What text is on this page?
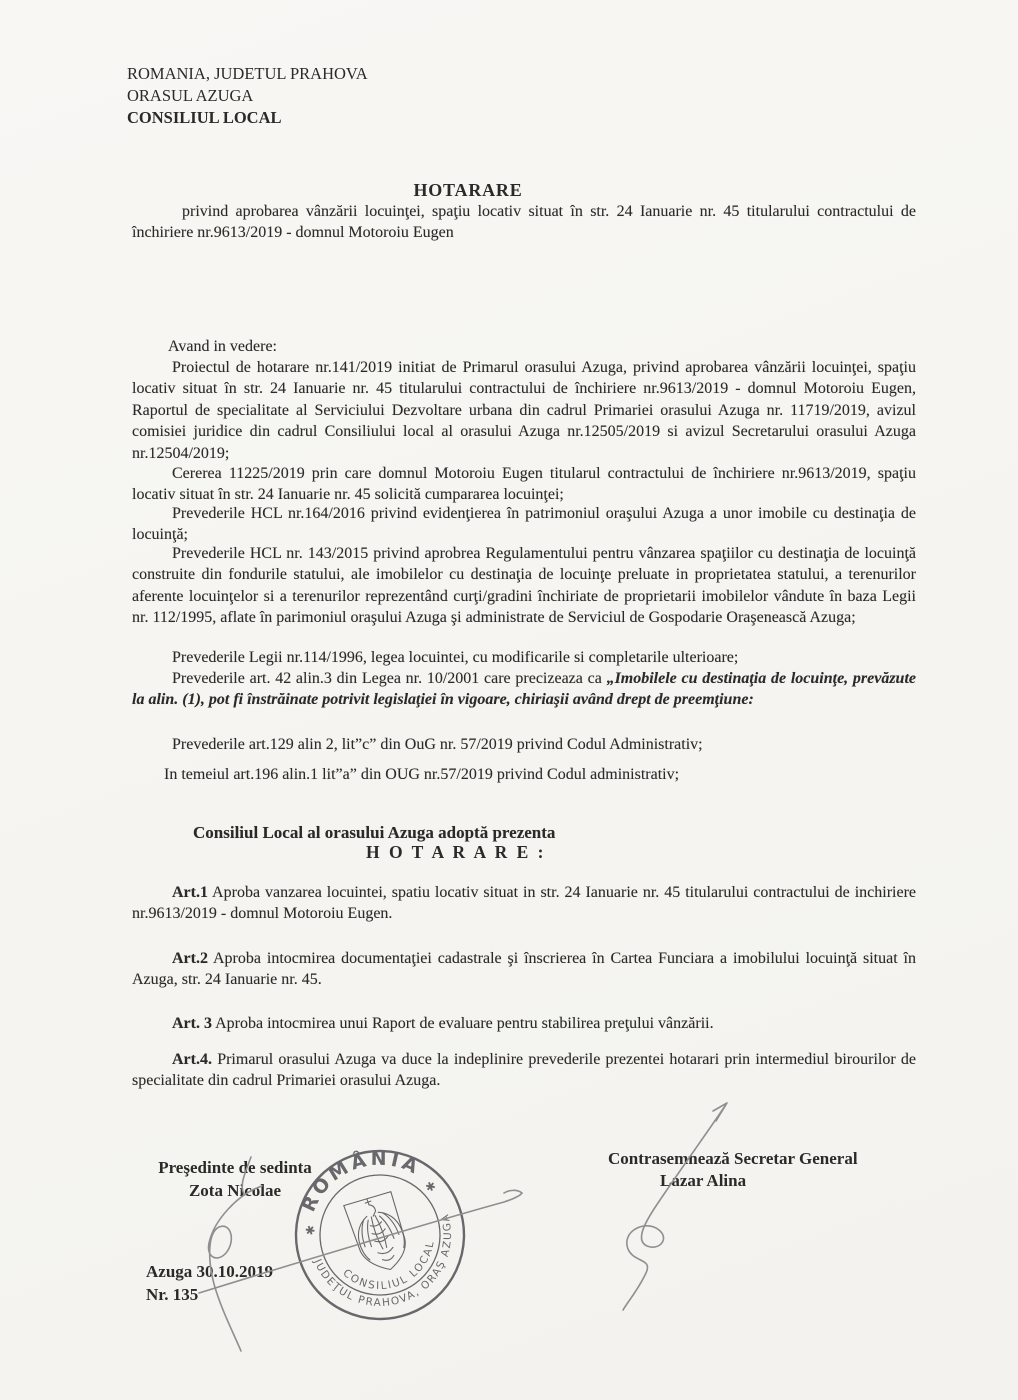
ROMANIA, JUDETUL PRAHOVA
ORASUL AZUGA
CONSILIUL LOCAL
HOTARARE

privind aprobarea vânzării locuinţei, spaţiu locativ situat în str. 24 Ianuarie nr. 45 titularului contractului de închiriere nr.9613/2019 - domnul Motoroiu Eugen

Avand in vedere:

Proiectul de hotarare nr.141/2019 initiat de Primarul orasului Azuga, privind aprobarea vânzării locuinţei, spaţiu locativ situat în str. 24 Ianuarie nr. 45 titularului contractului de închiriere nr.9613/2019 - domnul Motoroiu Eugen, Raportul de specialitate al Serviciului Dezvoltare urbana din cadrul Primariei orasului Azuga nr. 11719/2019, avizul comisiei juridice din cadrul Consiliului local al orasului Azuga nr.12505/2019 si avizul Secretarului orasului Azuga nr.12504/2019;

Cererea 11225/2019 prin care domnul Motoroiu Eugen titularul contractului de închiriere nr.9613/2019, spaţiu locativ situat în str. 24 Ianuarie nr. 45 solicită cumpararea locuinţei;

Prevederile HCL nr.164/2016 privind evidenţierea în patrimoniul oraşului Azuga a unor imobile cu destinaţia de locuinţă;

Prevederile HCL nr. 143/2015 privind aprobrea Regulamentului pentru vânzarea spaţiilor cu destinaţia de locuinţă construite din fondurile statului, ale imobilelor cu destinaţia de locuinţe preluate in proprietatea statului, a terenurilor aferente locuinţelor si a terenurilor reprezentând curţi/gradini închiriate de proprietarii imobilelor vândute în baza Legii nr. 112/1995, aflate în parimoniul oraşului Azuga şi administrate de Serviciul de Gospodarie Oraşenească Azuga;

Prevederile Legii nr.114/1996, legea locuintei, cu modificarile si completarile ulterioare;

Prevederile art. 42 alin.3 din Legea nr. 10/2001 care precizeaza ca „Imobilele cu destinaţia de locuinţe, prevăzute la alin. (1), pot fi înstrăinate potrivit legislaţiei în vigoare, chiriaşii având drept de preemţiune:

Prevederile art.129 alin 2, lit”c” din OuG nr. 57/2019 privind Codul Administrativ;

In temeiul art.196 alin.1 lit”a” din OUG nr.57/2019 privind Codul administrativ;

Consiliul Local al orasului Azuga adoptă prezenta

H O T A R A R E :

Art.1 Aproba vanzarea locuintei, spatiu locativ situat in str. 24 Ianuarie nr. 45 titularului contractului de inchiriere nr.9613/2019 - domnul Motoroiu Eugen.

Art.2 Aproba intocmirea documentaţiei cadastrale şi înscrierea în Cartea Funciara a imobilului locuinţă situat în Azuga, str. 24 Ianuarie nr. 45.

Art. 3 Aproba intocmirea unui Raport de evaluare pentru stabilirea preţului vânzării.

Art.4. Primarul orasului Azuga va duce la indeplinire prevederile prezentei hotarari prin intermediul birourilor de specialitate din cadrul Primariei orasului Azuga.

Preşedinte de sedinta
Zota Nicolae
Azuga 30.10.2019
Nr. 135
Contrasemnează Secretar General
Lazar Alina
ROMÂNIA
JUDEŢUL PRAHOVA, ORAŞ AZUGA
CONSILIUL LOCAL
✱
✱
